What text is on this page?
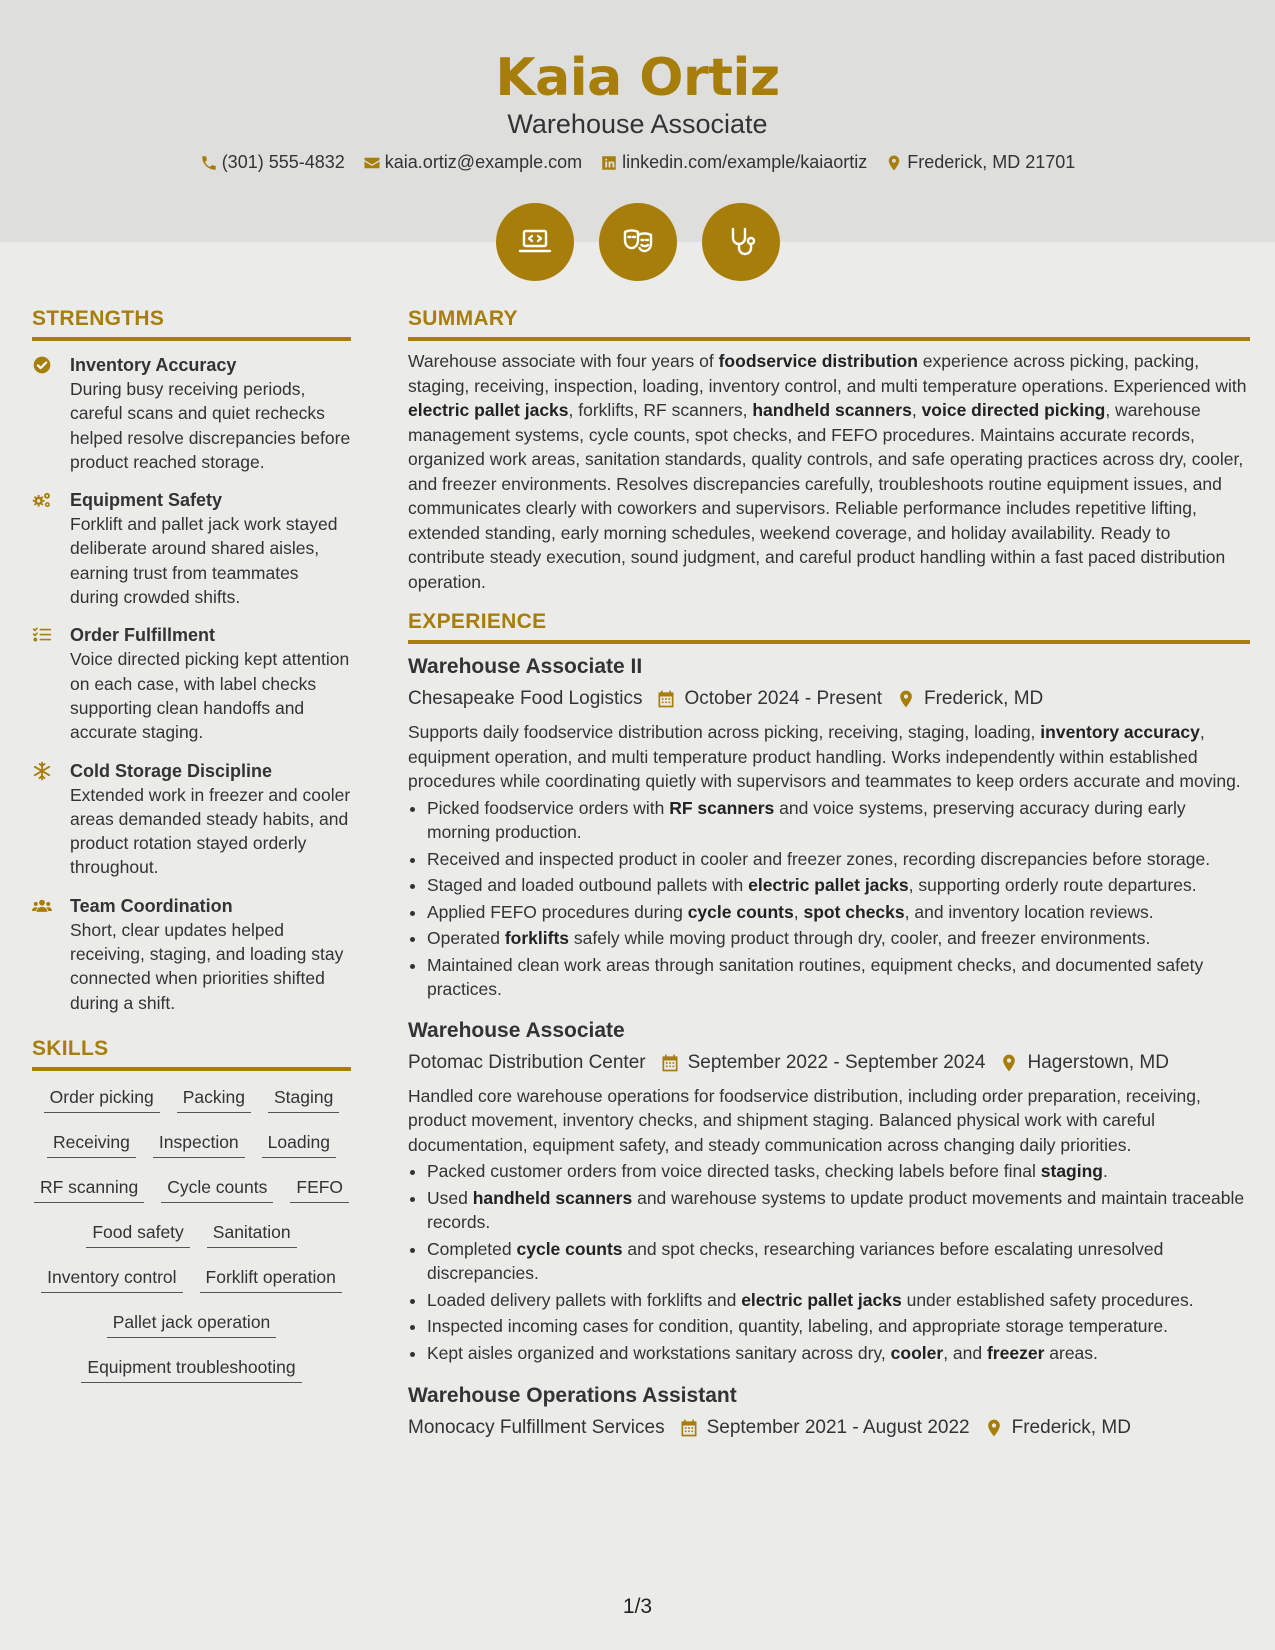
Kaia Ortiz
Warehouse Associate
(301) 555-4832 kaia.ortiz@example.com linkedin.com/example/kaiaortiz Frederick, MD 21701
STRENGTHS
Inventory Accuracy
During busy receiving periods, careful scans and quiet rechecks helped resolve discrepancies before product reached storage.
Equipment Safety
Forklift and pallet jack work stayed deliberate around shared aisles, earning trust from teammates during crowded shifts.
Order Fulfillment
Voice directed picking kept attention on each case, with label checks supporting clean handoffs and accurate staging.
Cold Storage Discipline
Extended work in freezer and cooler areas demanded steady habits, and product rotation stayed orderly throughout.
Team Coordination
Short, clear updates helped receiving, staging, and loading stay connected when priorities shifted during a shift.
SKILLS
Order picking	Packing	Staging
Receiving	Inspection	Loading
RF scanning	Cycle counts	FEFO
Food safety	Sanitation
Inventory control	Forklift operation
Pallet jack operation
Equipment troubleshooting
SUMMARY
Warehouse associate with four years of foodservice distribution experience across picking, packing, staging, receiving, inspection, loading, inventory control, and multi temperature operations. Experienced with electric pallet jacks, forklifts, RF scanners, handheld scanners, voice directed picking, warehouse management systems, cycle counts, spot checks, and FEFO procedures. Maintains accurate records, organized work areas, sanitation standards, quality controls, and safe operating practices across dry, cooler, and freezer environments. Resolves discrepancies carefully, troubleshoots routine equipment issues, and communicates clearly with coworkers and supervisors. Reliable performance includes repetitive lifting, extended standing, early morning schedules, weekend coverage, and holiday availability. Ready to contribute steady execution, sound judgment, and careful product handling within a fast paced distribution operation.
EXPERIENCE
Warehouse Associate II
Chesapeake Food Logistics October 2024 - Present Frederick, MD

Supports daily foodservice distribution across picking, receiving, staging, loading, inventory accuracy, equipment operation, and multi temperature product handling. Works independently within established procedures while coordinating quietly with supervisors and teammates to keep orders accurate and moving.

• Picked foodservice orders with RF scanners and voice systems, preserving accuracy during early morning production.
• Received and inspected product in cooler and freezer zones, recording discrepancies before storage.
• Staged and loaded outbound pallets with electric pallet jacks, supporting orderly route departures.
• Applied FEFO procedures during cycle counts, spot checks, and inventory location reviews.
• Operated forklifts safely while moving product through dry, cooler, and freezer environments.
• Maintained clean work areas through sanitation routines, equipment checks, and documented safety practices.
Warehouse Associate
Potomac Distribution Center September 2022 - September 2024 Hagerstown, MD

Handled core warehouse operations for foodservice distribution, including order preparation, receiving, product movement, inventory checks, and shipment staging. Balanced physical work with careful documentation, equipment safety, and steady communication across changing daily priorities.

• Packed customer orders from voice directed tasks, checking labels before final staging.
• Used handheld scanners and warehouse systems to update product movements and maintain traceable records.
• Completed cycle counts and spot checks, researching variances before escalating unresolved discrepancies.
• Loaded delivery pallets with forklifts and electric pallet jacks under established safety procedures.
• Inspected incoming cases for condition, quantity, labeling, and appropriate storage temperature.
• Kept aisles organized and workstations sanitary across dry, cooler, and freezer areas.
Warehouse Operations Assistant
Monocacy Fulfillment Services September 2021 - August 2022 Frederick, MD
1/3
